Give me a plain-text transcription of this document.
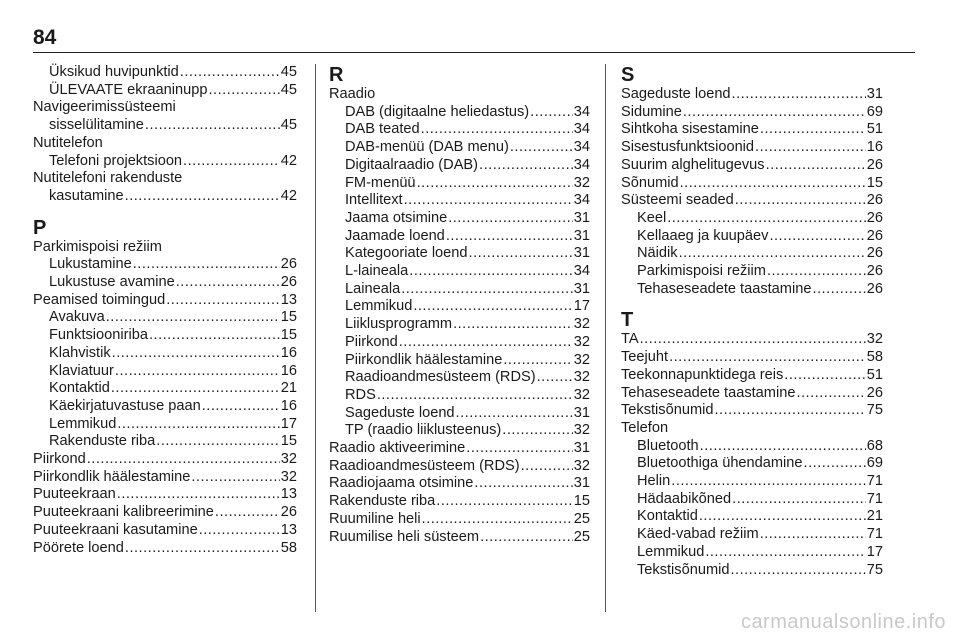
84
Üksikud huvipunktid .....	45
ÜLEVAATE ekraaninupp .....	45
Navigeerimissüsteemi
sisselülitamine .....	45
Nutitelefon
Telefoni projektsioon .....	42
Nutitelefoni rakenduste
kasutamine .....	42
P
Parkimispoisi režiim
Lukustamine .....	26
Lukustuse avamine .....	26
Peamised toimingud .....	13
Avakuva .....	15
Funktsiooniriba .....	15
Klahvistik .....	16
Klaviatuur .....	16
Kontaktid .....	21
Käekirjatuvastuse paan .....	16
Lemmikud .....	17
Rakenduste riba .....	15
Piirkond .....	32
Piirkondlik häälestamine .....	32
Puuteekraan .....	13
Puuteekraani kalibreerimine .....	26
Puuteekraani kasutamine .....	13
Pöörete loend .....	58
R
Raadio
DAB (digitaalne heliedastus) .....	34
DAB teated .....	34
DAB-menüü (DAB menu) .....	34
Digitaalraadio (DAB) .....	34
FM-menüü .....	32
Intellitext .....	34
Jaama otsimine .....	31
Jaamade loend .....	31
Kategooriate loend .....	31
L-laineala .....	34
Laineala .....	31
Lemmikud .....	17
Liiklusprogramm .....	32
Piirkond .....	32
Piirkondlik häälestamine .....	32
Raadioandmesüsteem (RDS) .....	32
RDS .....	32
Sageduste loend .....	31
TP (raadio liiklusteenus) .....	32
Raadio aktiveerimine .....	31
Raadioandmesüsteem (RDS) .....	32
Raadiojaama otsimine .....	31
Rakenduste riba .....	15
Ruumiline heli .....	25
Ruumilise heli süsteem .....	25
S
Sageduste loend .....	31
Sidumine .....	69
Sihtkoha sisestamine .....	51
Sisestusfunktsioonid .....	16
Suurim alghelitugevus .....	26
Sõnumid .....	15
Süsteemi seaded .....	26
Keel .....	26
Kellaaeg ja kuupäev .....	26
Näidik .....	26
Parkimispoisi režiim .....	26
Tehaseseadete taastamine .....	26
T
TA .....	32
Teejuht .....	58
Teekonnapunktidega reis .....	51
Tehaseseadete taastamine .....	26
Tekstisõnumid .....	75
Telefon
Bluetooth .....	68
Bluetoothiga ühendamine .....	69
Helin .....	71
Hädaabikõned .....	71
Kontaktid .....	21
Käed-vabad režiim .....	71
Lemmikud .....	17
Tekstisõnumid .....	75
carmanualsonline.info
